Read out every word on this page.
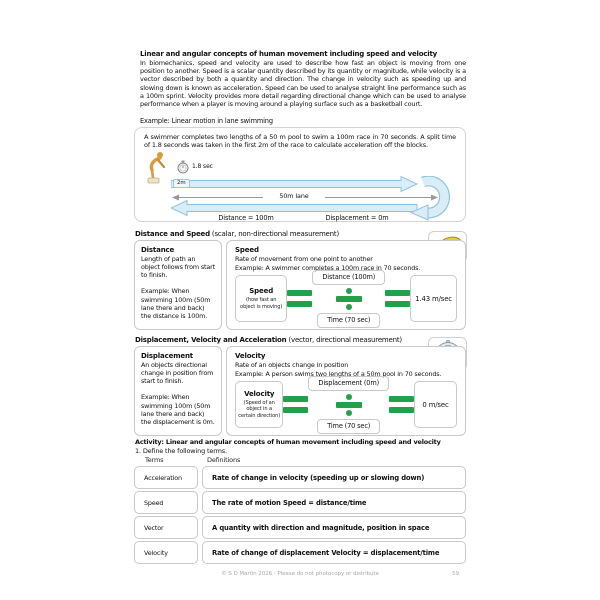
Linear and angular concepts of human movement including speed and velocity
In biomechanics, speed and velocity are used to describe how fast an object is moving from one position to another. Speed is a scalar quantity described by its quantity or magnitude, while velocity is a vector described by both a quantity and direction. The change in velocity such as speeding up and slowing down is known as acceleration. Speed can be used to analyse straight line performance such as a 100m sprint. Velocity provides more detail regarding directional change which can be used to analyse performance when a player is moving around a playing surface such as a basketball court.
Example: Linear motion in lane swimming
A swimmer completes two lengths of a 50 m pool to swim a 100m race in 70 seconds. A split time of 1.8 seconds was taken in the first 2m of the race to calculate acceleration off the blocks.
1.8 sec
2m
50m lane
Distance = 100m	Displacement = 0m
Distance and Speed (scalar, non-directional measurement)
Distance
Length of path an object follows from start to finish.
Example: When swimming 100m (50m lane there and back) the distance is 100m.
Speed
Rate of movement from one point to another
Example: A swimmer completes a 100m race in 70 seconds.
Speed
(how fast an object is moving)	$\frac{\text{Distance (100m)}}{\text{Time (70 sec)}}$	1.43 m/sec
Displacement, Velocity and Acceleration (vector, directional measurement)
Displacement
An objects directional change in position from start to finish.
Example: When swimming 100m (50m lane there and back) the displacement is 0m.
Velocity
Rate of an objects change in position
Example: A person swims two lengths of a 50m pool in 70 seconds.
Velocity
(Speed of an object in a certain direction)	$\frac{\text{Displacement (0m)}}{\text{Time (70 sec)}}$	0 m/sec
Activity: Linear and angular concepts of human movement including speed and velocity
1. Define the following terms.
Terms	Definitions
Acceleration	Rate of change in velocity (speeding up or slowing down)
Speed	The rate of motion Speed = distance/time
Vector	A quantity with direction and magnitude, position in space
Velocity	Rate of change of displacement Velocity = displacement/time
© S D Martin 2026 - Please do not photocopy or distribute	59
